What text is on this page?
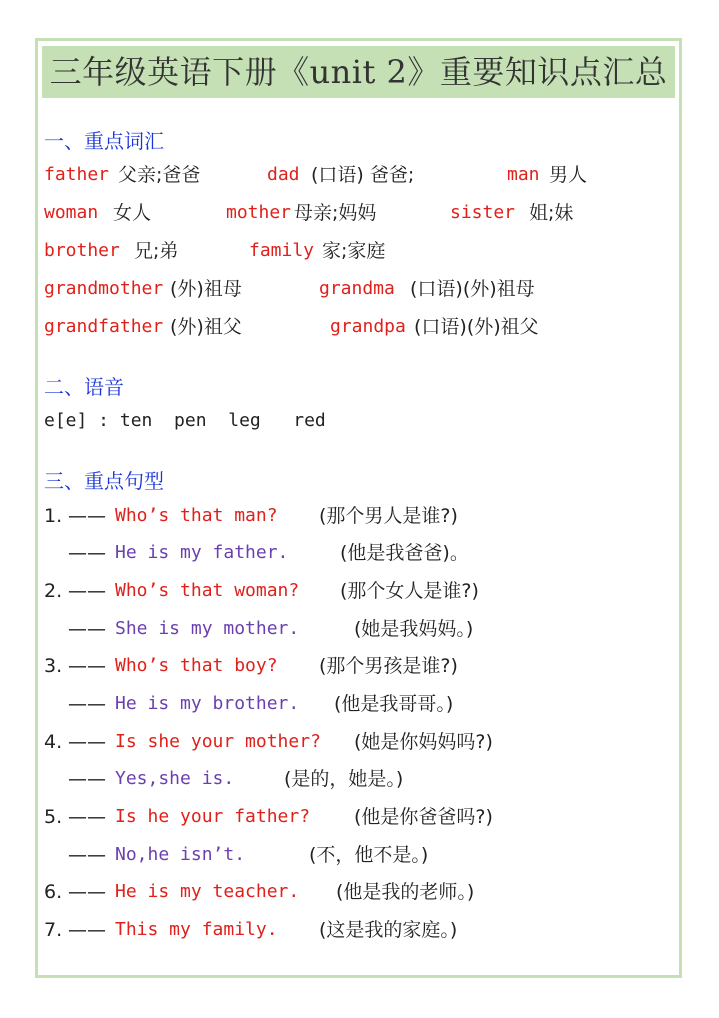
三年级英语下册《unit 2》重要知识点汇总
一、重点词汇
father 父亲;爸爸	dad (口语) 爸爸;	man 男人
woman 女人	mother 母亲;妈妈	sister 姐;妹
brother 兄;弟	family 家;家庭
grandmother (外)祖母	grandma (口语)(外)祖母
grandfather (外)祖父	grandpa (口语)(外)祖父
二、语音
e[e] : ten  pen  leg   red
三、重点句型
1. —— Who’s that man? (那个男人是谁?)
—— He is my father.	(他是我爸爸)。
2. —— Who’s that woman? (那个女人是谁?)
—— She is my mother.	(她是我妈妈。)
3. —— Who’s that boy? (那个男孩是谁?)
—— He is my brother. (他是我哥哥。)
4. —— Is she your mother? (她是你妈妈吗?)
—— Yes,she is.	(是的，她是。)
5. —— Is he your father? (他是你爸爸吗?)
—— No,he isn’t.	(不，他不是。)
6. —— He is my teacher. (他是我的老师。)
7. —— This my family. (这是我的家庭。)
